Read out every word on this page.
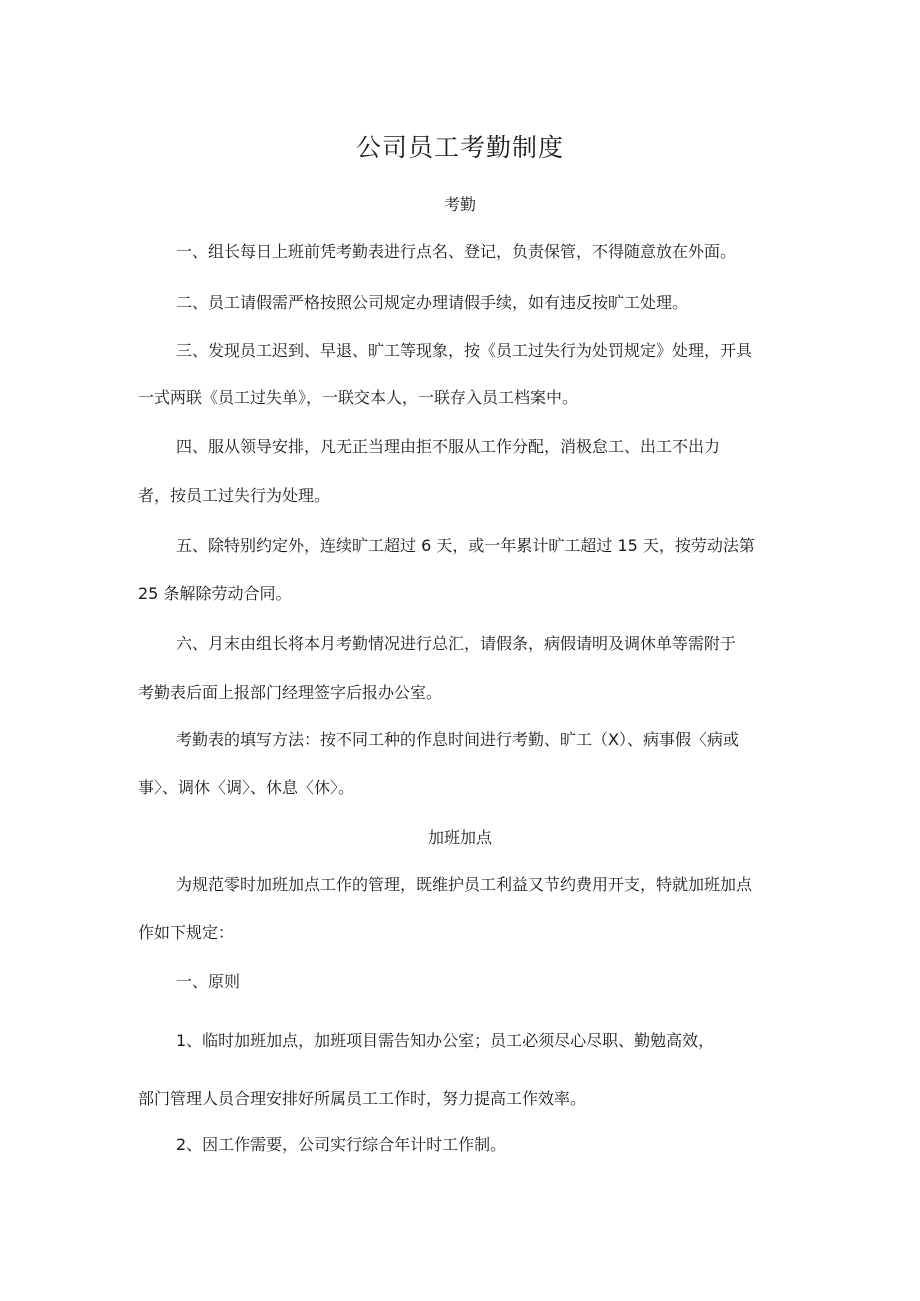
公司员工考勤制度
考勤
一、组长每日上班前凭考勤表进行点名、登记，负责保管，不得随意放在外面。
二、员工请假需严格按照公司规定办理请假手续，如有违反按旷工处理。
三、发现员工迟到、早退、旷工等现象，按《员工过失行为处罚规定》处理，开具
一式两联《员工过失单》，一联交本人，一联存入员工档案中。
四、服从领导安排，凡无正当理由拒不服从工作分配，消极怠工、出工不出力
者，按员工过失行为处理。
五、除特别约定外，连续旷工超过 6 天，或一年累计旷工超过 15 天，按劳动法第
25 条解除劳动合同。
六、月末由组长将本月考勤情况进行总汇，请假条，病假请明及调休单等需附于
考勤表后面上报部门经理签字后报办公室。
考勤表的填写方法：按不同工种的作息时间进行考勤、旷工（X）、病事假〈病或
事〉、调休〈调〉、休息〈休〉。
加班加点
为规范零时加班加点工作的管理，既维护员工利益又节约费用开支，特就加班加点
作如下规定：
一、原则
1、临时加班加点，加班项目需告知办公室；员工必须尽心尽职、勤勉高效，
部门管理人员合理安排好所属员工工作时，努力提高工作效率。
2、因工作需要，公司实行综合年计时工作制。
